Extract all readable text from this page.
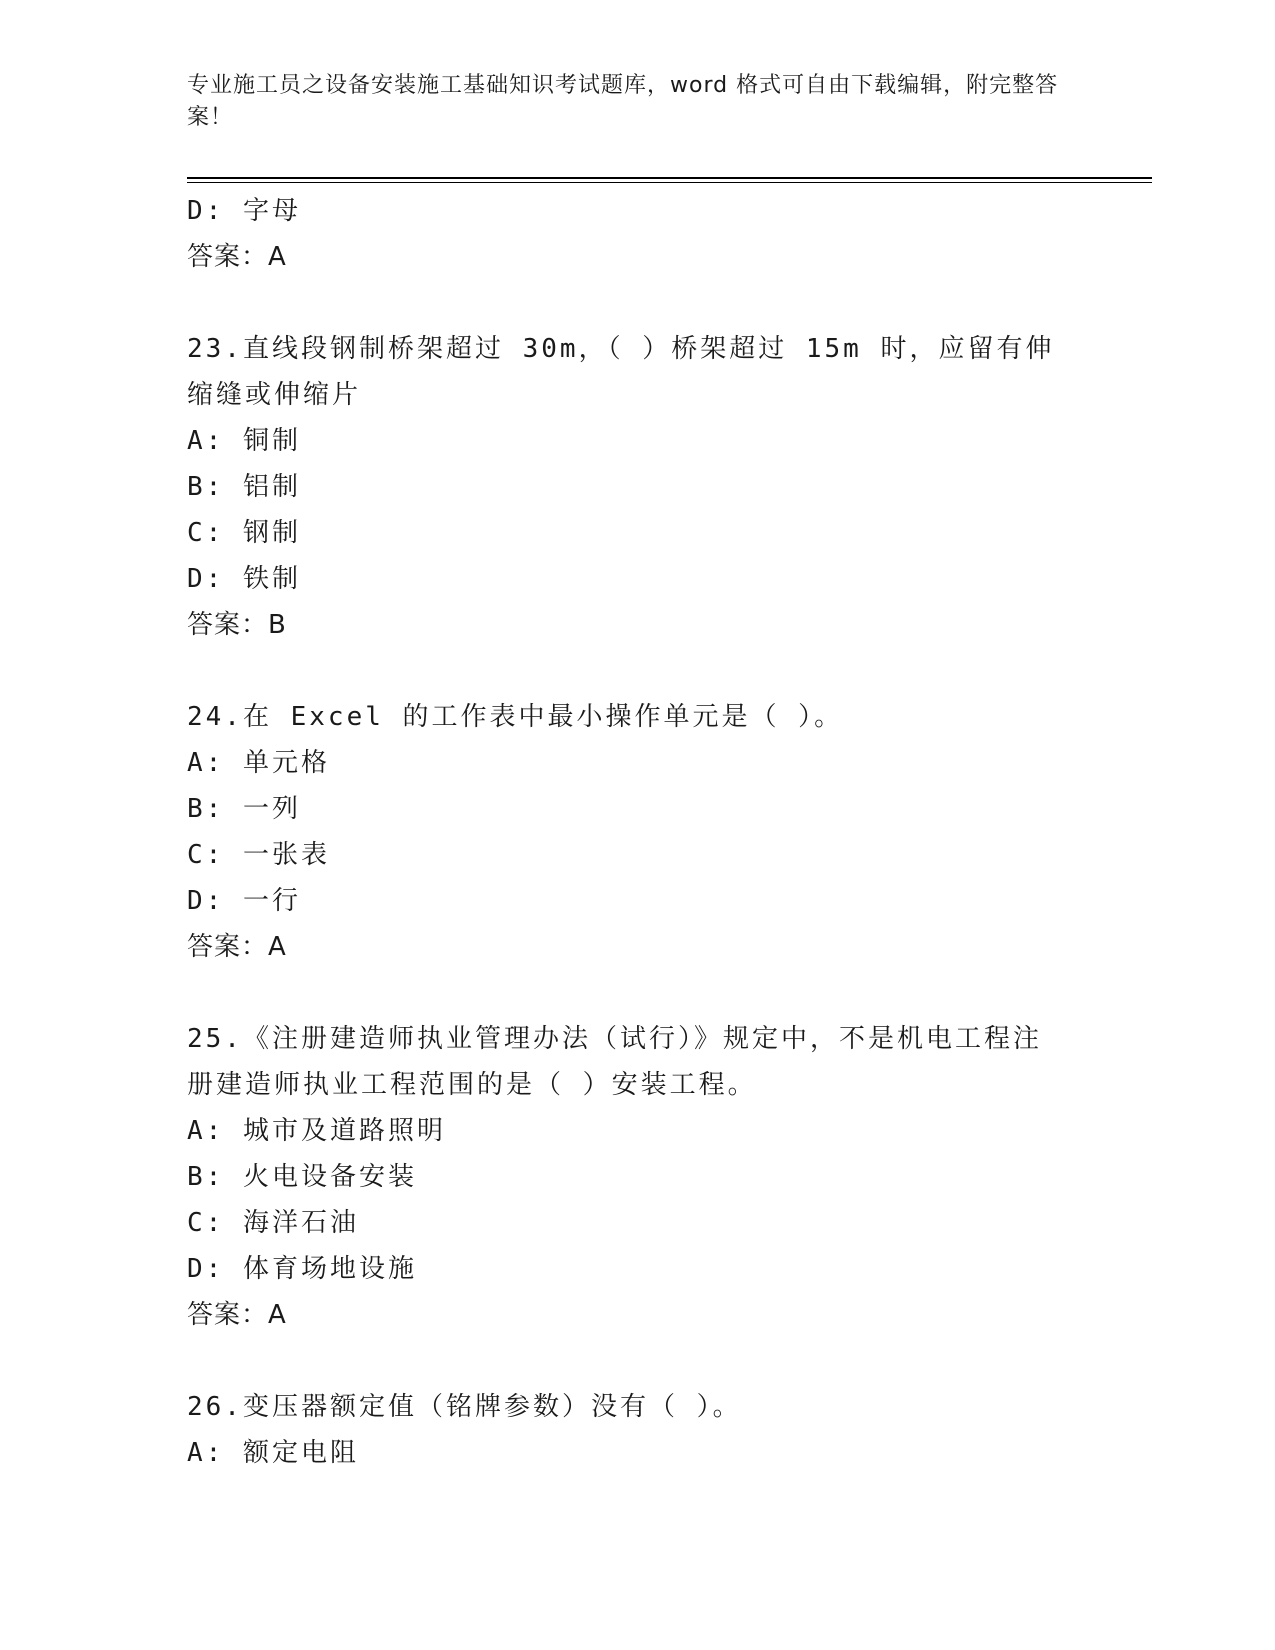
专业施工员之设备安装施工基础知识考试题库，word 格式可自由下载编辑，附完整答案！
D: 字母
答案：A
23.直线段钢制桥架超过 30m，（ ）桥架超过 15m 时，应留有伸缩缝或伸缩片
A: 铜制
B: 铝制
C: 钢制
D: 铁制
答案：B
24.在 Excel 的工作表中最小操作单元是（ ）。
A: 单元格
B: 一列
C: 一张表
D: 一行
答案：A
25.《注册建造师执业管理办法（试行）》规定中，不是机电工程注册建造师执业工程范围的是（ ）安装工程。
A: 城市及道路照明
B: 火电设备安装
C: 海洋石油
D: 体育场地设施
答案：A
26.变压器额定值（铭牌参数）没有（ ）。
A: 额定电阻
